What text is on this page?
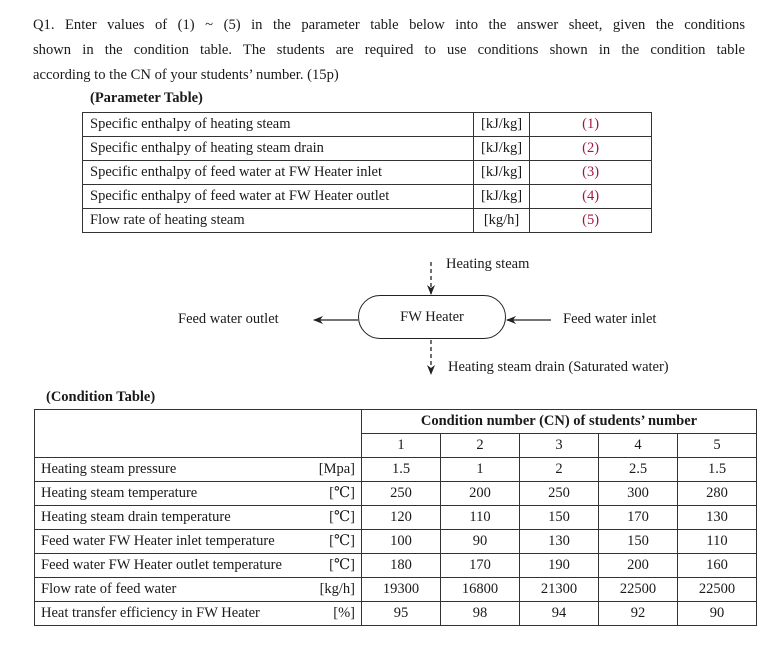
Q1. Enter values of (1) ~ (5) in the parameter table below into the answer sheet, given the conditions
shown in the condition table. The students are required to use conditions shown in the condition table
according to the CN of your students’ number. (15p)
(Parameter Table)
Specific enthalpy of heating steam	[kJ/kg]	(1)
Specific enthalpy of heating steam drain	[kJ/kg]	(2)
Specific enthalpy of feed water at FW Heater inlet	[kJ/kg]	(3)
Specific enthalpy of feed water at FW Heater outlet	[kJ/kg]	(4)
Flow rate of heating steam	[kg/h]	(5)
FW Heater
Heating steam
Feed water outlet	Feed water inlet
Heating steam drain (Saturated water)
(Condition Table)
	Condition number (CN) of students’ number				
	1	2	3	4	5

Heating steam pressure [Mpa]	1.5	1	2	2.5	1.5

Heating steam temperature [℃]	250	200	250	300	280

Heating steam drain temperature [℃]	120	110	150	170	130

Feed water FW Heater inlet temperature [℃]	100	90	130	150	110

Feed water FW Heater outlet temperature [℃]	180	170	190	200	160

Flow rate of feed water [kg/h]	19300	16800	21300	22500	22500

Heat transfer efficiency in FW Heater [%]	95	98	94	92	90
